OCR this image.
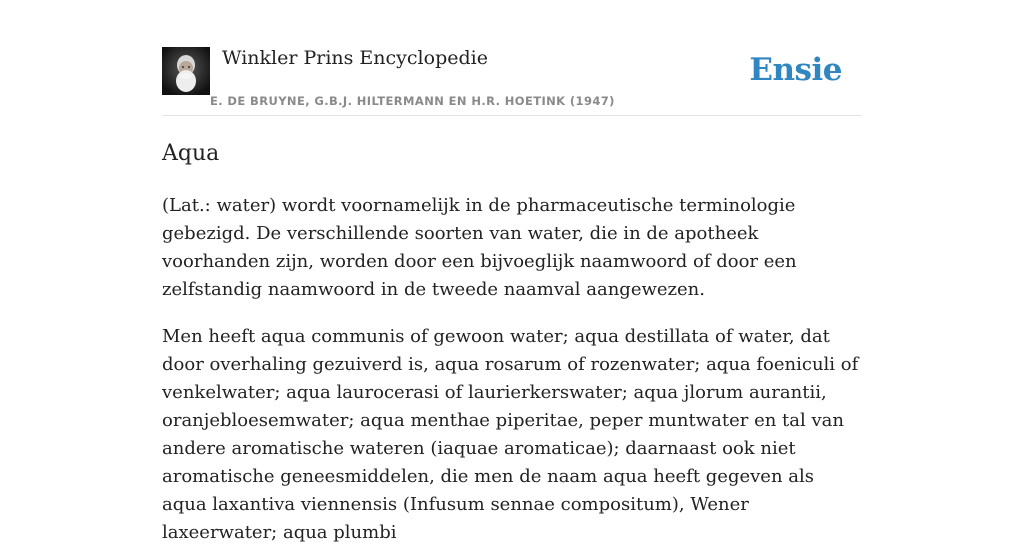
Winkler Prins Encyclopedie
E. DE BRUYNE, G.B.J. HILTERMANN EN H.R. HOETINK (1947)
Ensie
Aqua

(Lat.: water) wordt voornamelijk in de pharmaceutische terminologie gebezigd. De verschillende soorten van water, die in de apotheek voorhanden zijn, worden door een bijvoeglijk naamwoord of door een zelfstandig naamwoord in de tweede naamval aangewezen.

Men heeft aqua communis of gewoon water; aqua destillata of water, dat door overhaling gezuiverd is, aqua rosarum of rozenwater; aqua foeniculi of venkelwater; aqua laurocerasi of laurierkerswater; aqua jlorum aurantii, oranjebloesemwater; aqua menthae piperitae, peper muntwater en tal van andere aromatische wateren (iaquae aromaticae); daarnaast ook niet aromatische geneesmiddelen, die men de naam aqua heeft gegeven als aqua laxantiva viennensis (Infusum sennae compositum), Wener laxeerwater; aqua plumbi
